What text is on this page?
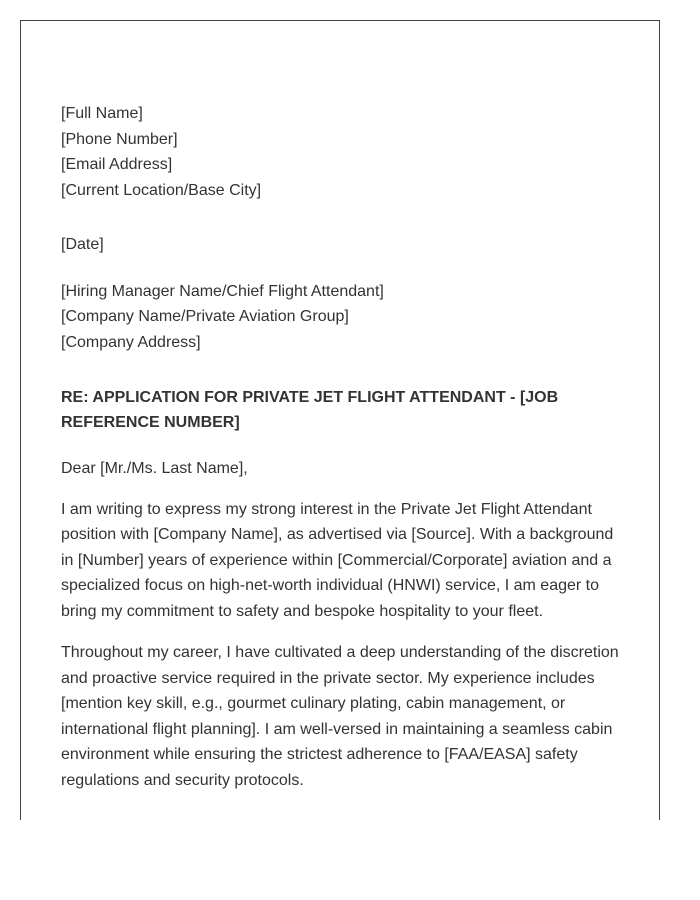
[Full Name]
[Phone Number]
[Email Address]
[Current Location/Base City]
[Date]
[Hiring Manager Name/Chief Flight Attendant]
[Company Name/Private Aviation Group]
[Company Address]

RE: APPLICATION FOR PRIVATE JET FLIGHT ATTENDANT - [JOB REFERENCE NUMBER]

Dear [Mr./Ms. Last Name],

I am writing to express my strong interest in the Private Jet Flight Attendant position with [Company Name], as advertised via [Source]. With a background in [Number] years of experience within [Commercial/Corporate] aviation and a specialized focus on high-net-worth individual (HNWI) service, I am eager to bring my commitment to safety and bespoke hospitality to your fleet.

Throughout my career, I have cultivated a deep understanding of the discretion and proactive service required in the private sector. My experience includes [mention key skill, e.g., gourmet culinary plating, cabin management, or international flight planning]. I am well-versed in maintaining a seamless cabin environment while ensuring the strictest adherence to [FAA/EASA] safety regulations and security protocols.
